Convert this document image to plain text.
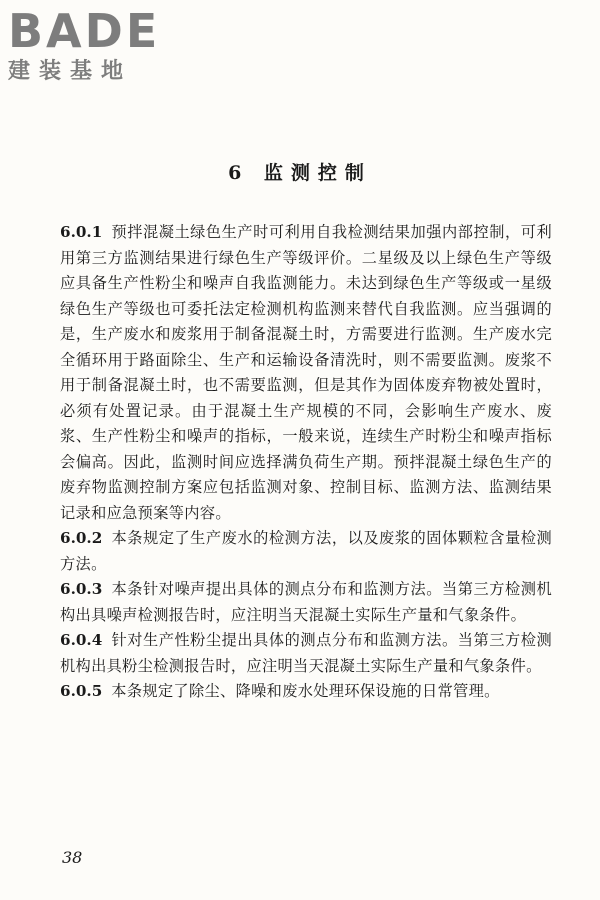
BADE
建装基地
6 监测控制

6.0.1 预拌混凝土绿色生产时可利用自我检测结果加强内部控制，可利用第三方监测结果进行绿色生产等级评价。二星级及以上绿色生产等级应具备生产性粉尘和噪声自我监测能力。未达到绿色生产等级或一星级绿色生产等级也可委托法定检测机构监测来替代自我监测。应当强调的是，生产废水和废浆用于制备混凝土时，方需要进行监测。生产废水完全循环用于路面除尘、生产和运输设备清洗时，则不需要监测。废浆不用于制备混凝土时，也不需要监测，但是其作为固体废弃物被处置时，必须有处置记录。由于混凝土生产规模的不同，会影响生产废水、废浆、生产性粉尘和噪声的指标，一般来说，连续生产时粉尘和噪声指标会偏高。因此，监测时间应选择满负荷生产期。预拌混凝土绿色生产的废弃物监测控制方案应包括监测对象、控制目标、监测方法、监测结果记录和应急预案等内容。

6.0.2 本条规定了生产废水的检测方法，以及废浆的固体颗粒含量检测方法。

6.0.3 本条针对噪声提出具体的测点分布和监测方法。当第三方检测机构出具噪声检测报告时，应注明当天混凝土实际生产量和气象条件。

6.0.4 针对生产性粉尘提出具体的测点分布和监测方法。当第三方检测机构出具粉尘检测报告时，应注明当天混凝土实际生产量和气象条件。

6.0.5 本条规定了除尘、降噪和废水处理环保设施的日常管理。

38
